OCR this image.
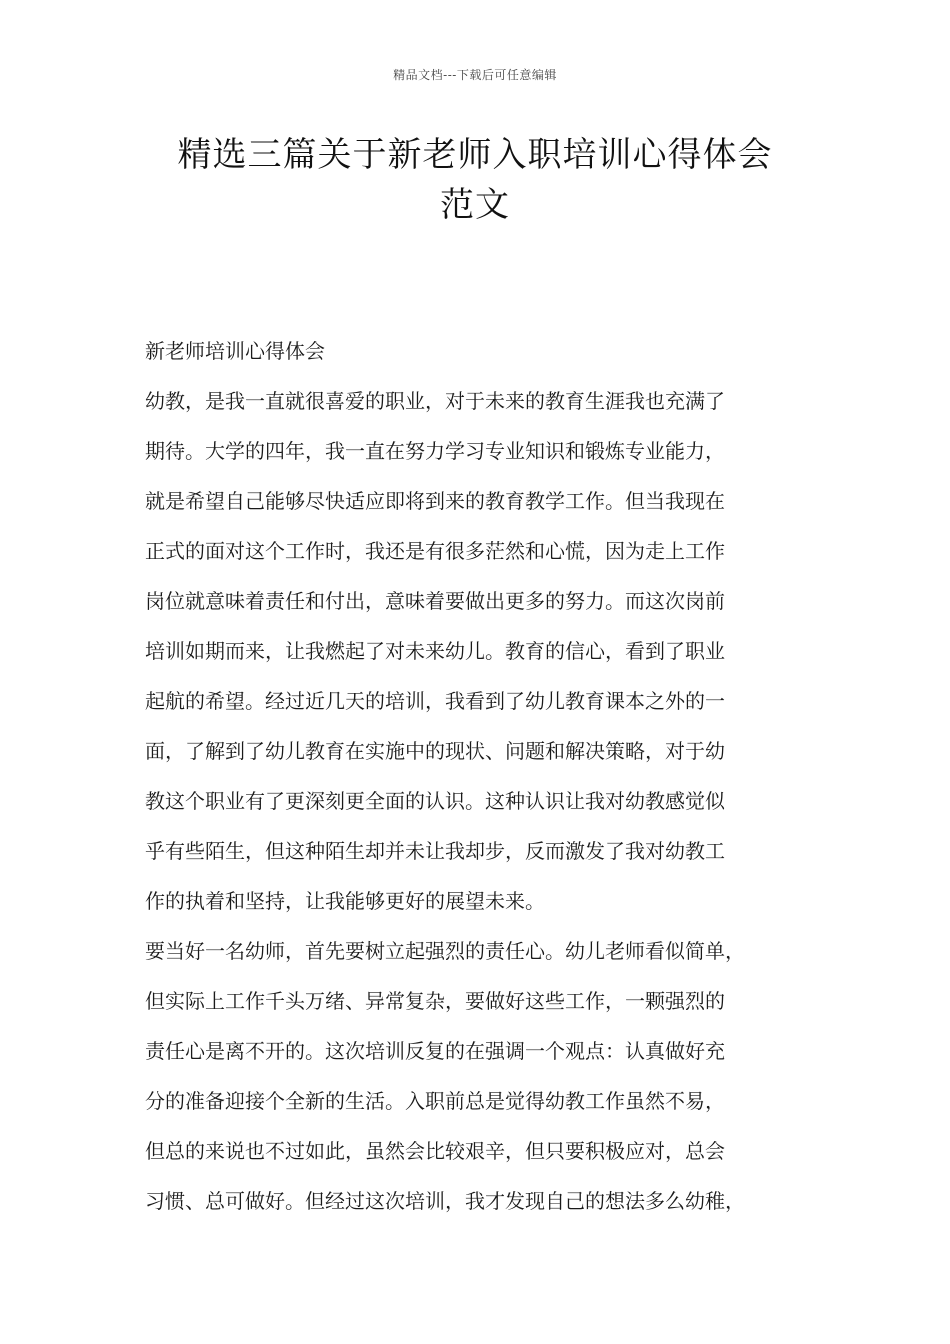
精品文档---下载后可任意编辑
精选三篇关于新老师入职培训心得体会
范文
新老师培训心得体会
幼教，是我一直就很喜爱的职业，对于未来的教育生涯我也充满了
期待。大学的四年，我一直在努力学习专业知识和锻炼专业能力，
就是希望自己能够尽快适应即将到来的教育教学工作。但当我现在
正式的面对这个工作时，我还是有很多茫然和心慌，因为走上工作
岗位就意味着责任和付出，意味着要做出更多的努力。而这次岗前
培训如期而来，让我燃起了对未来幼儿。教育的信心，看到了职业
起航的希望。经过近几天的培训，我看到了幼儿教育课本之外的一
面，了解到了幼儿教育在实施中的现状、问题和解决策略，对于幼
教这个职业有了更深刻更全面的认识。这种认识让我对幼教感觉似
乎有些陌生，但这种陌生却并未让我却步，反而激发了我对幼教工
作的执着和坚持，让我能够更好的展望未来。
要当好一名幼师，首先要树立起强烈的责任心。幼儿老师看似简单，
但实际上工作千头万绪、异常复杂，要做好这些工作，一颗强烈的
责任心是离不开的。这次培训反复的在强调一个观点：认真做好充
分的准备迎接个全新的生活。入职前总是觉得幼教工作虽然不易，
但总的来说也不过如此，虽然会比较艰辛，但只要积极应对，总会
习惯、总可做好。但经过这次培训，我才发现自己的想法多么幼稚，
